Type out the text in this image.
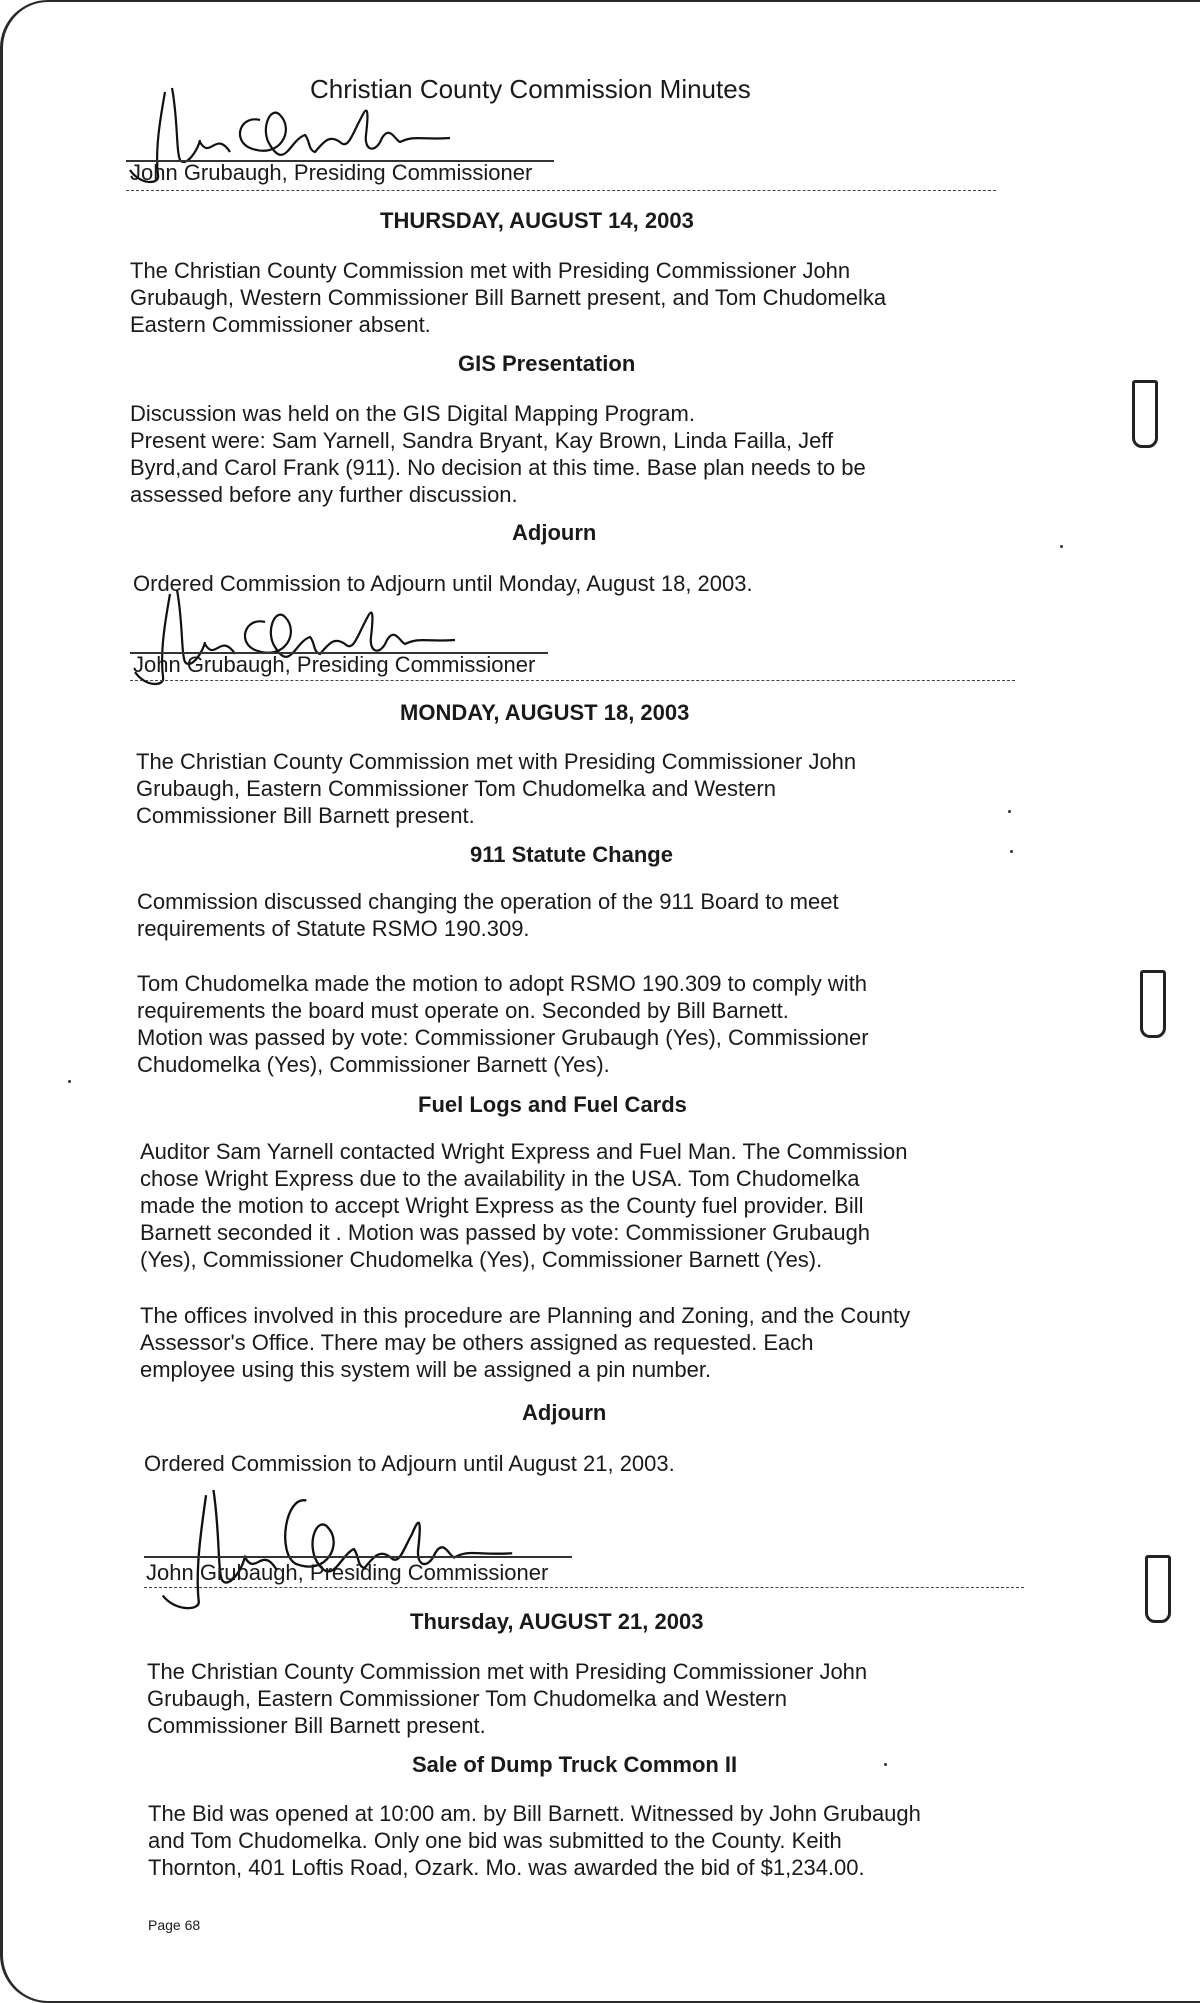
Christian County Commission Minutes
John Grubaugh, Presiding Commissioner
THURSDAY, AUGUST 14, 2003
The Christian County Commission met with Presiding Commissioner John
Grubaugh, Western Commissioner Bill Barnett present, and Tom Chudomelka
Eastern Commissioner absent.
GIS Presentation
Discussion was held on the GIS Digital Mapping Program.
Present were: Sam Yarnell, Sandra Bryant, Kay Brown, Linda Failla, Jeff
Byrd,and Carol Frank (911). No decision at this time. Base plan needs to be
assessed before any further discussion.
Adjourn
Ordered Commission to Adjourn until Monday, August 18, 2003.
John Grubaugh, Presiding Commissioner
MONDAY, AUGUST 18, 2003
The Christian County Commission met with Presiding Commissioner John
Grubaugh, Eastern Commissioner Tom Chudomelka and Western
Commissioner Bill Barnett present.
911 Statute Change
Commission discussed changing the operation of the 911 Board to meet
requirements of Statute RSMO 190.309.
Tom Chudomelka made the motion to adopt RSMO 190.309 to comply with
requirements the board must operate on. Seconded by Bill Barnett.
Motion was passed by vote: Commissioner Grubaugh (Yes), Commissioner
Chudomelka (Yes), Commissioner Barnett (Yes).
Fuel Logs and Fuel Cards
Auditor Sam Yarnell contacted Wright Express and Fuel Man. The Commission
chose Wright Express due to the availability in the USA. Tom Chudomelka
made the motion to accept Wright Express as the County fuel provider. Bill
Barnett seconded it . Motion was passed by vote: Commissioner Grubaugh
(Yes), Commissioner Chudomelka (Yes), Commissioner Barnett (Yes).
The offices involved in this procedure are Planning and Zoning, and the County
Assessor's Office. There may be others assigned as requested. Each
employee using this system will be assigned a pin number.
Adjourn
Ordered Commission to Adjourn until August 21, 2003.
John Grubaugh, Presiding Commissioner
Thursday, AUGUST 21, 2003
The Christian County Commission met with Presiding Commissioner John
Grubaugh, Eastern Commissioner Tom Chudomelka and Western
Commissioner Bill Barnett present.
Sale of Dump Truck Common II
The Bid was opened at 10:00 am. by Bill Barnett. Witnessed by John Grubaugh
and Tom Chudomelka. Only one bid was submitted to the County. Keith
Thornton, 401 Loftis Road, Ozark. Mo. was awarded the bid of $1,234.00.
Page 68
